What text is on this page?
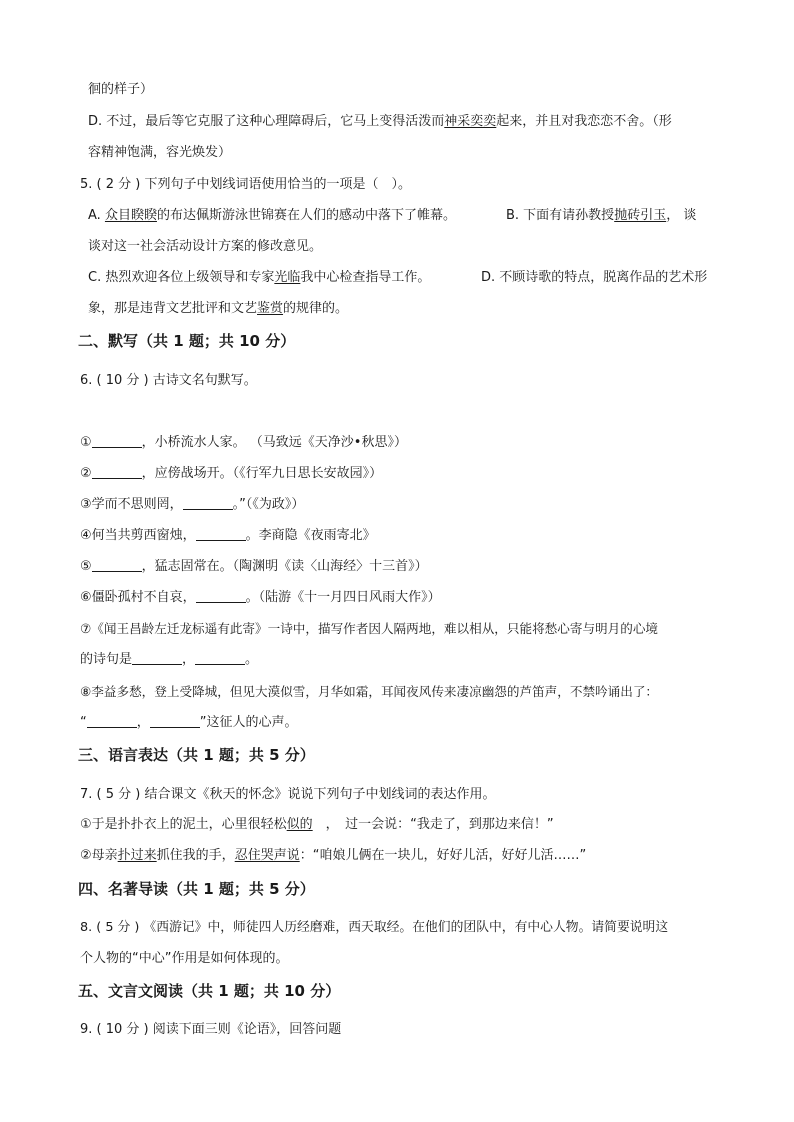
徊的样子）
D. 不过，最后等它克服了这种心理障碍后，它马上变得活泼而神采奕奕起来，并且对我恋恋不舍。（形
容精神饱满，容光焕发）
5. ( 2 分 ) 下列句子中划线词语使用恰当的一项是（　）。
A. 众目睽睽的布达佩斯游泳世锦赛在人们的感动中落下了帷幕。	B. 下面有请孙教授抛砖引玉， 谈
谈对这一社会活动设计方案的修改意见。
C. 热烈欢迎各位上级领导和专家光临我中心检查指导工作。	D. 不顾诗歌的特点，脱离作品的艺术形
象，那是违背文艺批评和文艺鉴赏的规律的。
二、默写（共 1 题；共 10 分）
6. ( 10 分 ) 古诗文名句默写。
①	，小桥流水人家。 （马致远《天净沙•秋思》）
②	，应傍战场开。（《行军九日思长安故园》）
③学而不思则罔，	。”（《为政》）
④何当共剪西窗烛，	。李商隐《夜雨寄北》
⑤	，猛志固常在。（陶渊明《读〈山海经〉十三首》）
⑥僵卧孤村不自哀，	。（陆游《十一月四日风雨大作》）
⑦《闻王昌龄左迁龙标遥有此寄》一诗中，描写作者因人隔两地，难以相从，只能将愁心寄与明月的心境
的诗句是	，	。
⑧李益多愁，登上受降城，但见大漠似雪，月华如霜，耳闻夜风传来凄凉幽怨的芦笛声，不禁吟诵出了：
“	，	”这征人的心声。
三、语言表达（共 1 题；共 5 分）
7. ( 5 分 ) 结合课文《秋天的怀念》说说下列句子中划线词的表达作用。
①于是扑扑衣上的泥土，心里很轻松似的　，　过一会说：“我走了，到那边来信！”
②母亲扑过来抓住我的手，忍住哭声说：“咱娘儿俩在一块儿，好好儿活，好好儿活……”
四、名著导读（共 1 题；共 5 分）
8. ( 5 分 ) 《西游记》中，师徒四人历经磨难，西天取经。在他们的团队中，有中心人物。请简要说明这
个人物的“中心”作用是如何体现的。
五、文言文阅读（共 1 题；共 10 分）
9. ( 10 分 ) 阅读下面三则《论语》，回答问题
